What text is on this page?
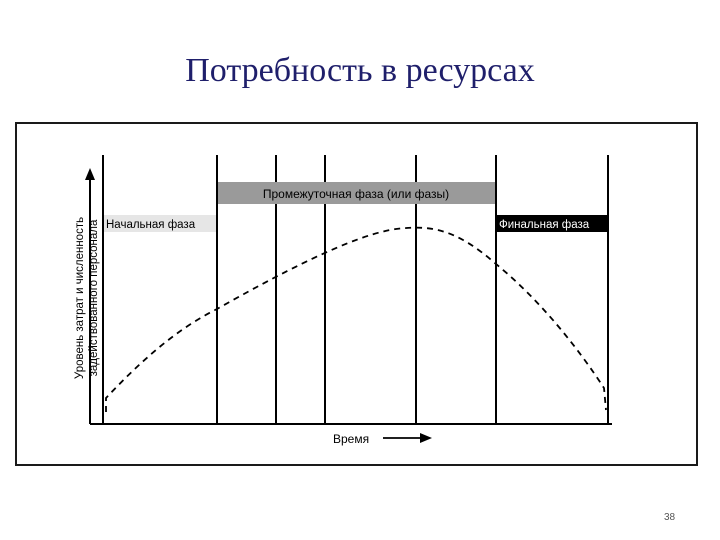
Потребность в ресурсах
Начальная фаза
Промежуточная фаза (или фазы)
Финальная фаза
Уровень затрат и численность задействованного персонала
Время
38
